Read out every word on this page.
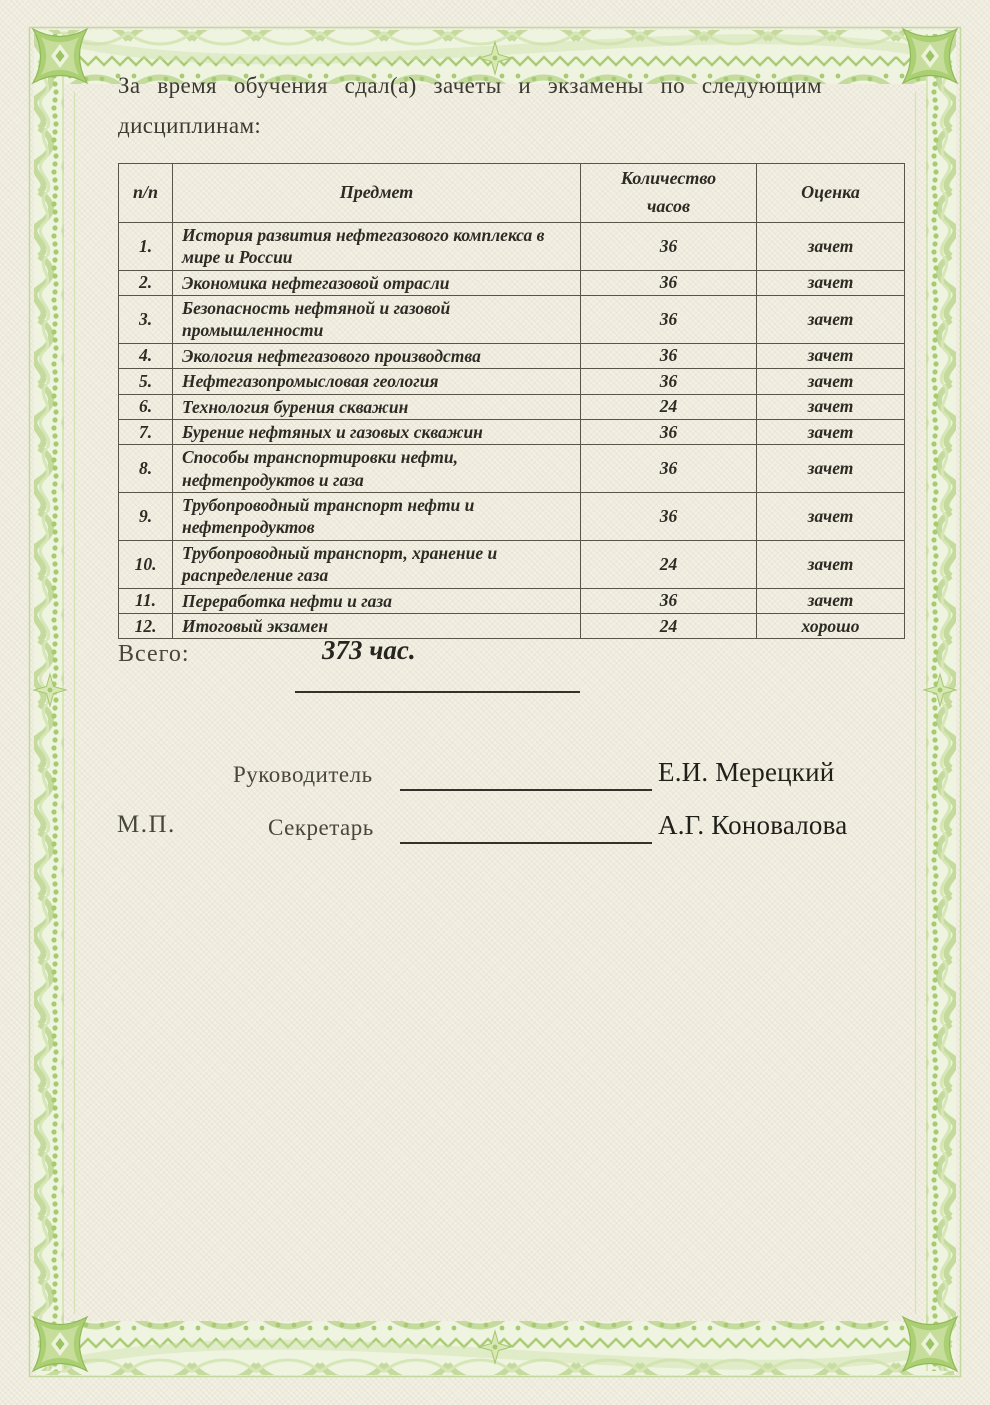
За время обучения сдал(а) зачеты и экзамены по следующим дисциплинам:
п/п	Предмет	Количество часов	Оценка
1.	История развития нефтегазового комплекса в мире и России	36	зачет
2.	Экономика нефтегазовой отрасли	36	зачет
3.	Безопасность нефтяной и газовой промышленности	36	зачет
4.	Экология нефтегазового производства	36	зачет
5.	Нефтегазопромысловая геология	36	зачет
6.	Технология бурения скважин	24	зачет
7.	Бурение нефтяных и газовых скважин	36	зачет
8.	Способы транспортировки нефти, нефтепродуктов и газа	36	зачет
9.	Трубопроводный транспорт нефти и нефтепродуктов	36	зачет
10.	Трубопроводный транспорт, хранение и распределение газа	24	зачет
11.	Переработка нефти и газа	36	зачет
12.	Итоговый экзамен	24	хорошо
Всего:	373 час.
Руководитель	Е.И. Мерецкий
М.П.	Секретарь	А.Г. Коновалова
